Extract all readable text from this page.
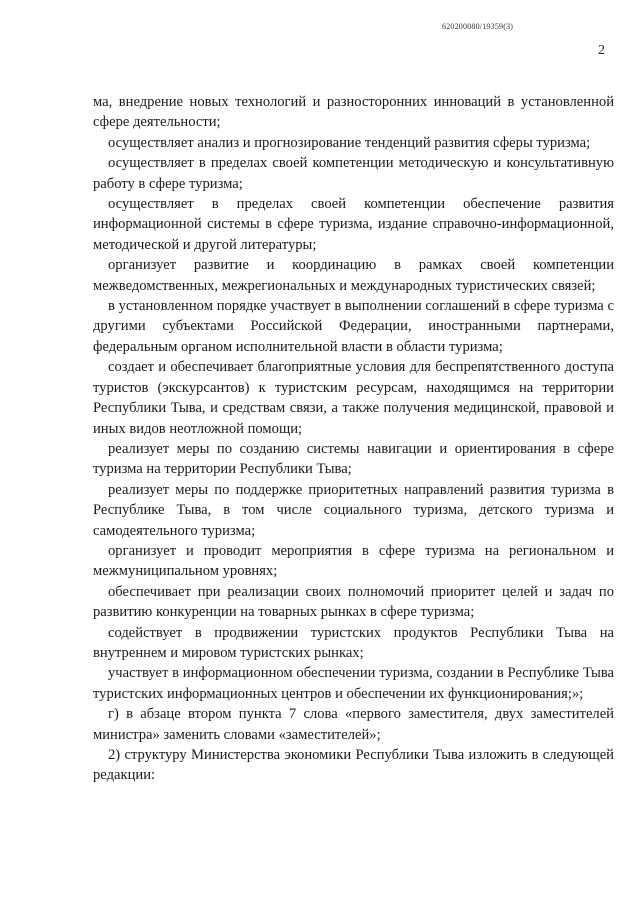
620200080/19359(3)
2

ма, внедрение новых технологий и разносторонних инноваций в установленной сфере деятельности;

осуществляет анализ и прогнозирование тенденций развития сферы туризма;

осуществляет в пределах своей компетенции методическую и консультативную работу в сфере туризма;

осуществляет в пределах своей компетенции обеспечение развития информационной системы в сфере туризма, издание справочно-информационной, методической и другой литературы;

организует развитие и координацию в рамках своей компетенции межведомственных, межрегиональных и международных туристических связей;

в установленном порядке участвует в выполнении соглашений в сфере туризма с другими субъектами Российской Федерации, иностранными партнерами, федеральным органом исполнительной власти в области туризма;

создает и обеспечивает благоприятные условия для беспрепятственного доступа туристов (экскурсантов) к туристским ресурсам, находящимся на территории Республики Тыва, и средствам связи, а также получения медицинской, правовой и иных видов неотложной помощи;

реализует меры по созданию системы навигации и ориентирования в сфере туризма на территории Республики Тыва;

реализует меры по поддержке приоритетных направлений развития туризма в Республике Тыва, в том числе социального туризма, детского туризма и самодеятельного туризма;

организует и проводит мероприятия в сфере туризма на региональном и межмуниципальном уровнях;

обеспечивает при реализации своих полномочий приоритет целей и задач по развитию конкуренции на товарных рынках в сфере туризма;

содействует в продвижении туристских продуктов Республики Тыва на внутреннем и мировом туристских рынках;

участвует в информационном обеспечении туризма, создании в Республике Тыва туристских информационных центров и обеспечении их функционирования;»;

г) в абзаце втором пункта 7 слова «первого заместителя, двух заместителей министра» заменить словами «заместителей»;

2) структуру Министерства экономики Республики Тыва изложить в следующей редакции:
